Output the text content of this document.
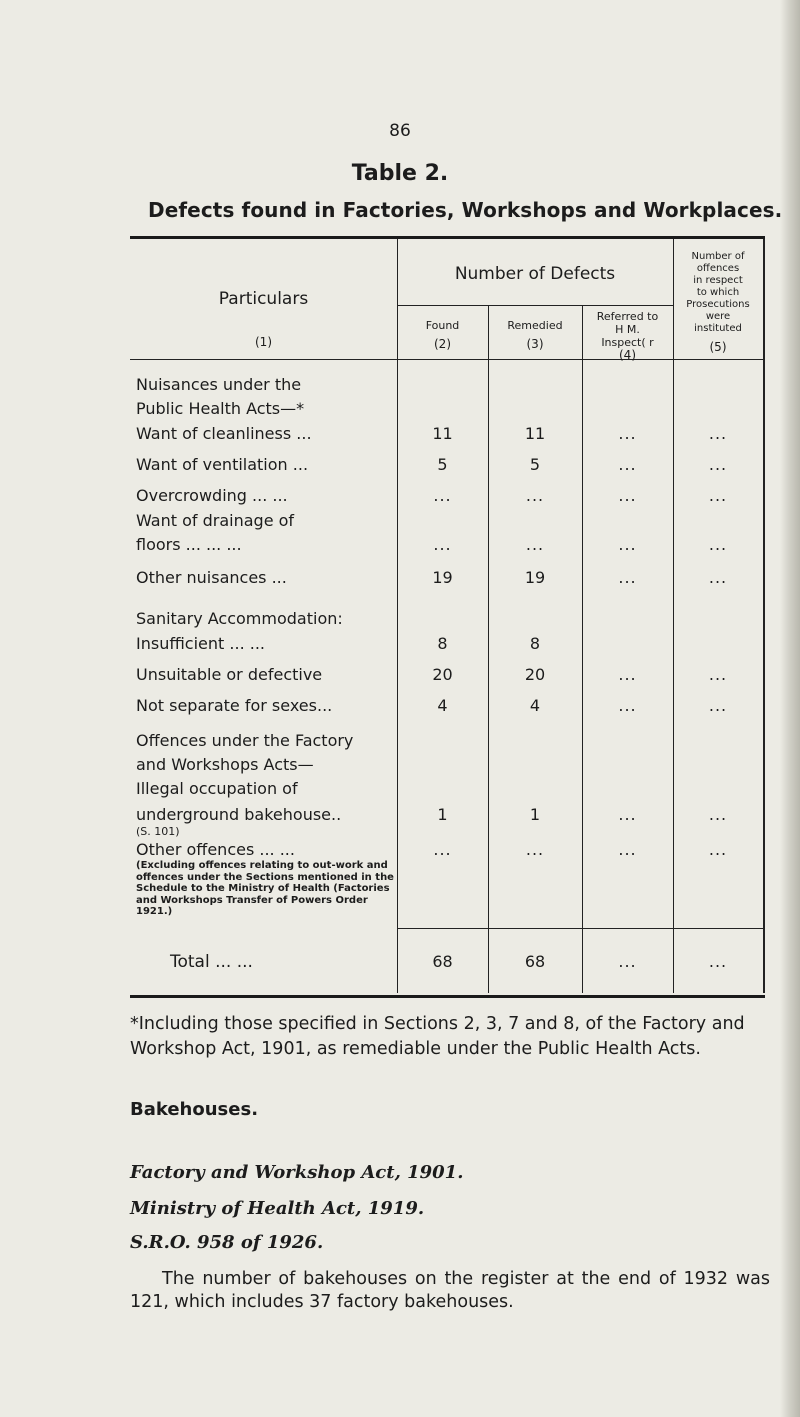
86
Table 2.
Defects found in Factories, Workshops and Workplaces.
Particulars
(1)
Number of Defects
Found
(2)
Remedied
(3)
Referred to
H M.
Inspect( r
(4)
Number of
offences
in respect
to which
Prosecutions
were
instituted
(5)
Nuisances under the
Public Health Acts—*
Want of cleanliness ...	11	11	...	...
Want of ventilation ...	5	5	...	...
Overcrowding ... ...	...	...	...	...
Want of drainage of
floors ... ... ...	...	...	...	...
Other nuisances ...	19	19	...	...
Sanitary Accommodation:
Insufficient ... ...	8	8
Unsuitable or defective	20	20	...	...
Not separate for sexes...	4	4	...	...
Offences under the Factory
and Workshops Acts—
Illegal occupation of
underground bakehouse..	1	1	...	...
(S. 101)
Other offences ... ...	...	...	...	...
(Excluding offences relating to out-work and offences under the Sections mentioned in the Schedule to the Ministry of Health (Factories and Workshops Transfer of Powers Order 1921.)
Total ... ...	68	68	...	...
*Including those specified in Sections 2, 3, 7 and 8, of the Factory and Workshop Act, 1901, as remediable under the Public Health Acts.
Bakehouses.
Factory and Workshop Act, 1901.
Ministry of Health Act, 1919.
S.R.O. 958 of 1926.
The number of bakehouses on the register at the end of 1932 was 121, which includes 37 factory bakehouses.
